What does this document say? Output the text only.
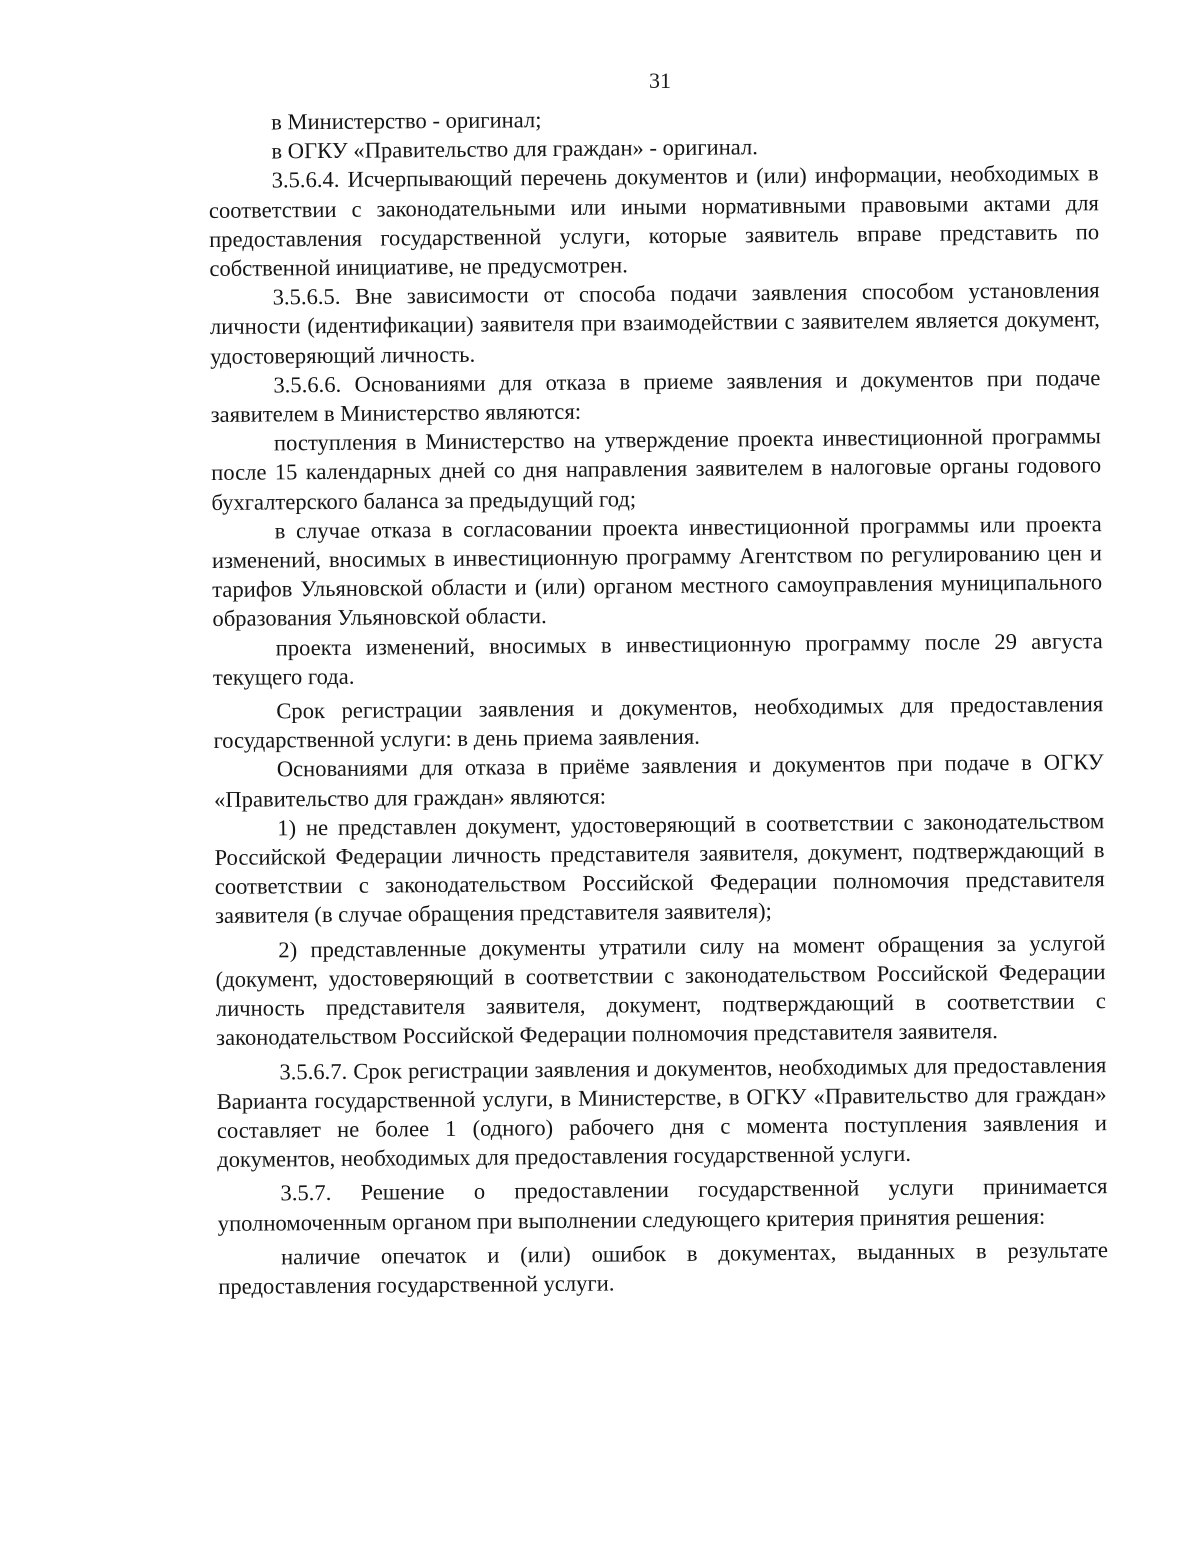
31

в Министерство - оригинал;

в ОГКУ «Правительство для граждан» - оригинал.

3.5.6.4. Исчерпывающий перечень документов и (или) информации, необходимых в соответствии с законодательными или иными нормативными правовыми актами для предоставления государственной услуги, которые заявитель вправе представить по собственной инициативе, не предусмотрен.

3.5.6.5. Вне зависимости от способа подачи заявления способом установления личности (идентификации) заявителя при взаимодействии с заявителем является документ, удостоверяющий личность.

3.5.6.6. Основаниями для отказа в приеме заявления и документов при подаче заявителем в Министерство являются:

поступления в Министерство на утверждение проекта инвестиционной программы после 15 календарных дней со дня направления заявителем в налоговые органы годового бухгалтерского баланса за предыдущий год;

в случае отказа в согласовании проекта инвестиционной программы или проекта изменений, вносимых в инвестиционную программу Агентством по регулированию цен и тарифов Ульяновской области и (или) органом местного самоуправления муниципального образования Ульяновской области.

проекта изменений, вносимых в инвестиционную программу после 29 августа текущего года.

Срок регистрации заявления и документов, необходимых для предоставления государственной услуги: в день приема заявления.

Основаниями для отказа в приёме заявления и документов при подаче в ОГКУ «Правительство для граждан» являются:

1) не представлен документ, удостоверяющий в соответствии с законодательством Российской Федерации личность представителя заявителя, документ, подтверждающий в соответствии с законодательством Российской Федерации полномочия представителя заявителя (в случае обращения представителя заявителя);

2) представленные документы утратили силу на момент обращения за услугой (документ, удостоверяющий в соответствии с законодательством Российской Федерации личность представителя заявителя, документ, подтверждающий в соответствии с законодательством Российской Федерации полномочия представителя заявителя.

3.5.6.7. Срок регистрации заявления и документов, необходимых для предоставления Варианта государственной услуги, в Министерстве, в ОГКУ «Правительство для граждан» составляет не более 1 (одного) рабочего дня с момента поступления заявления и документов, необходимых для предоставления государственной услуги.

3.5.7. Решение о предоставлении государственной услуги принимается уполномоченным органом при выполнении следующего критерия принятия решения:

наличие опечаток и (или) ошибок в документах, выданных в результате предоставления государственной услуги.
